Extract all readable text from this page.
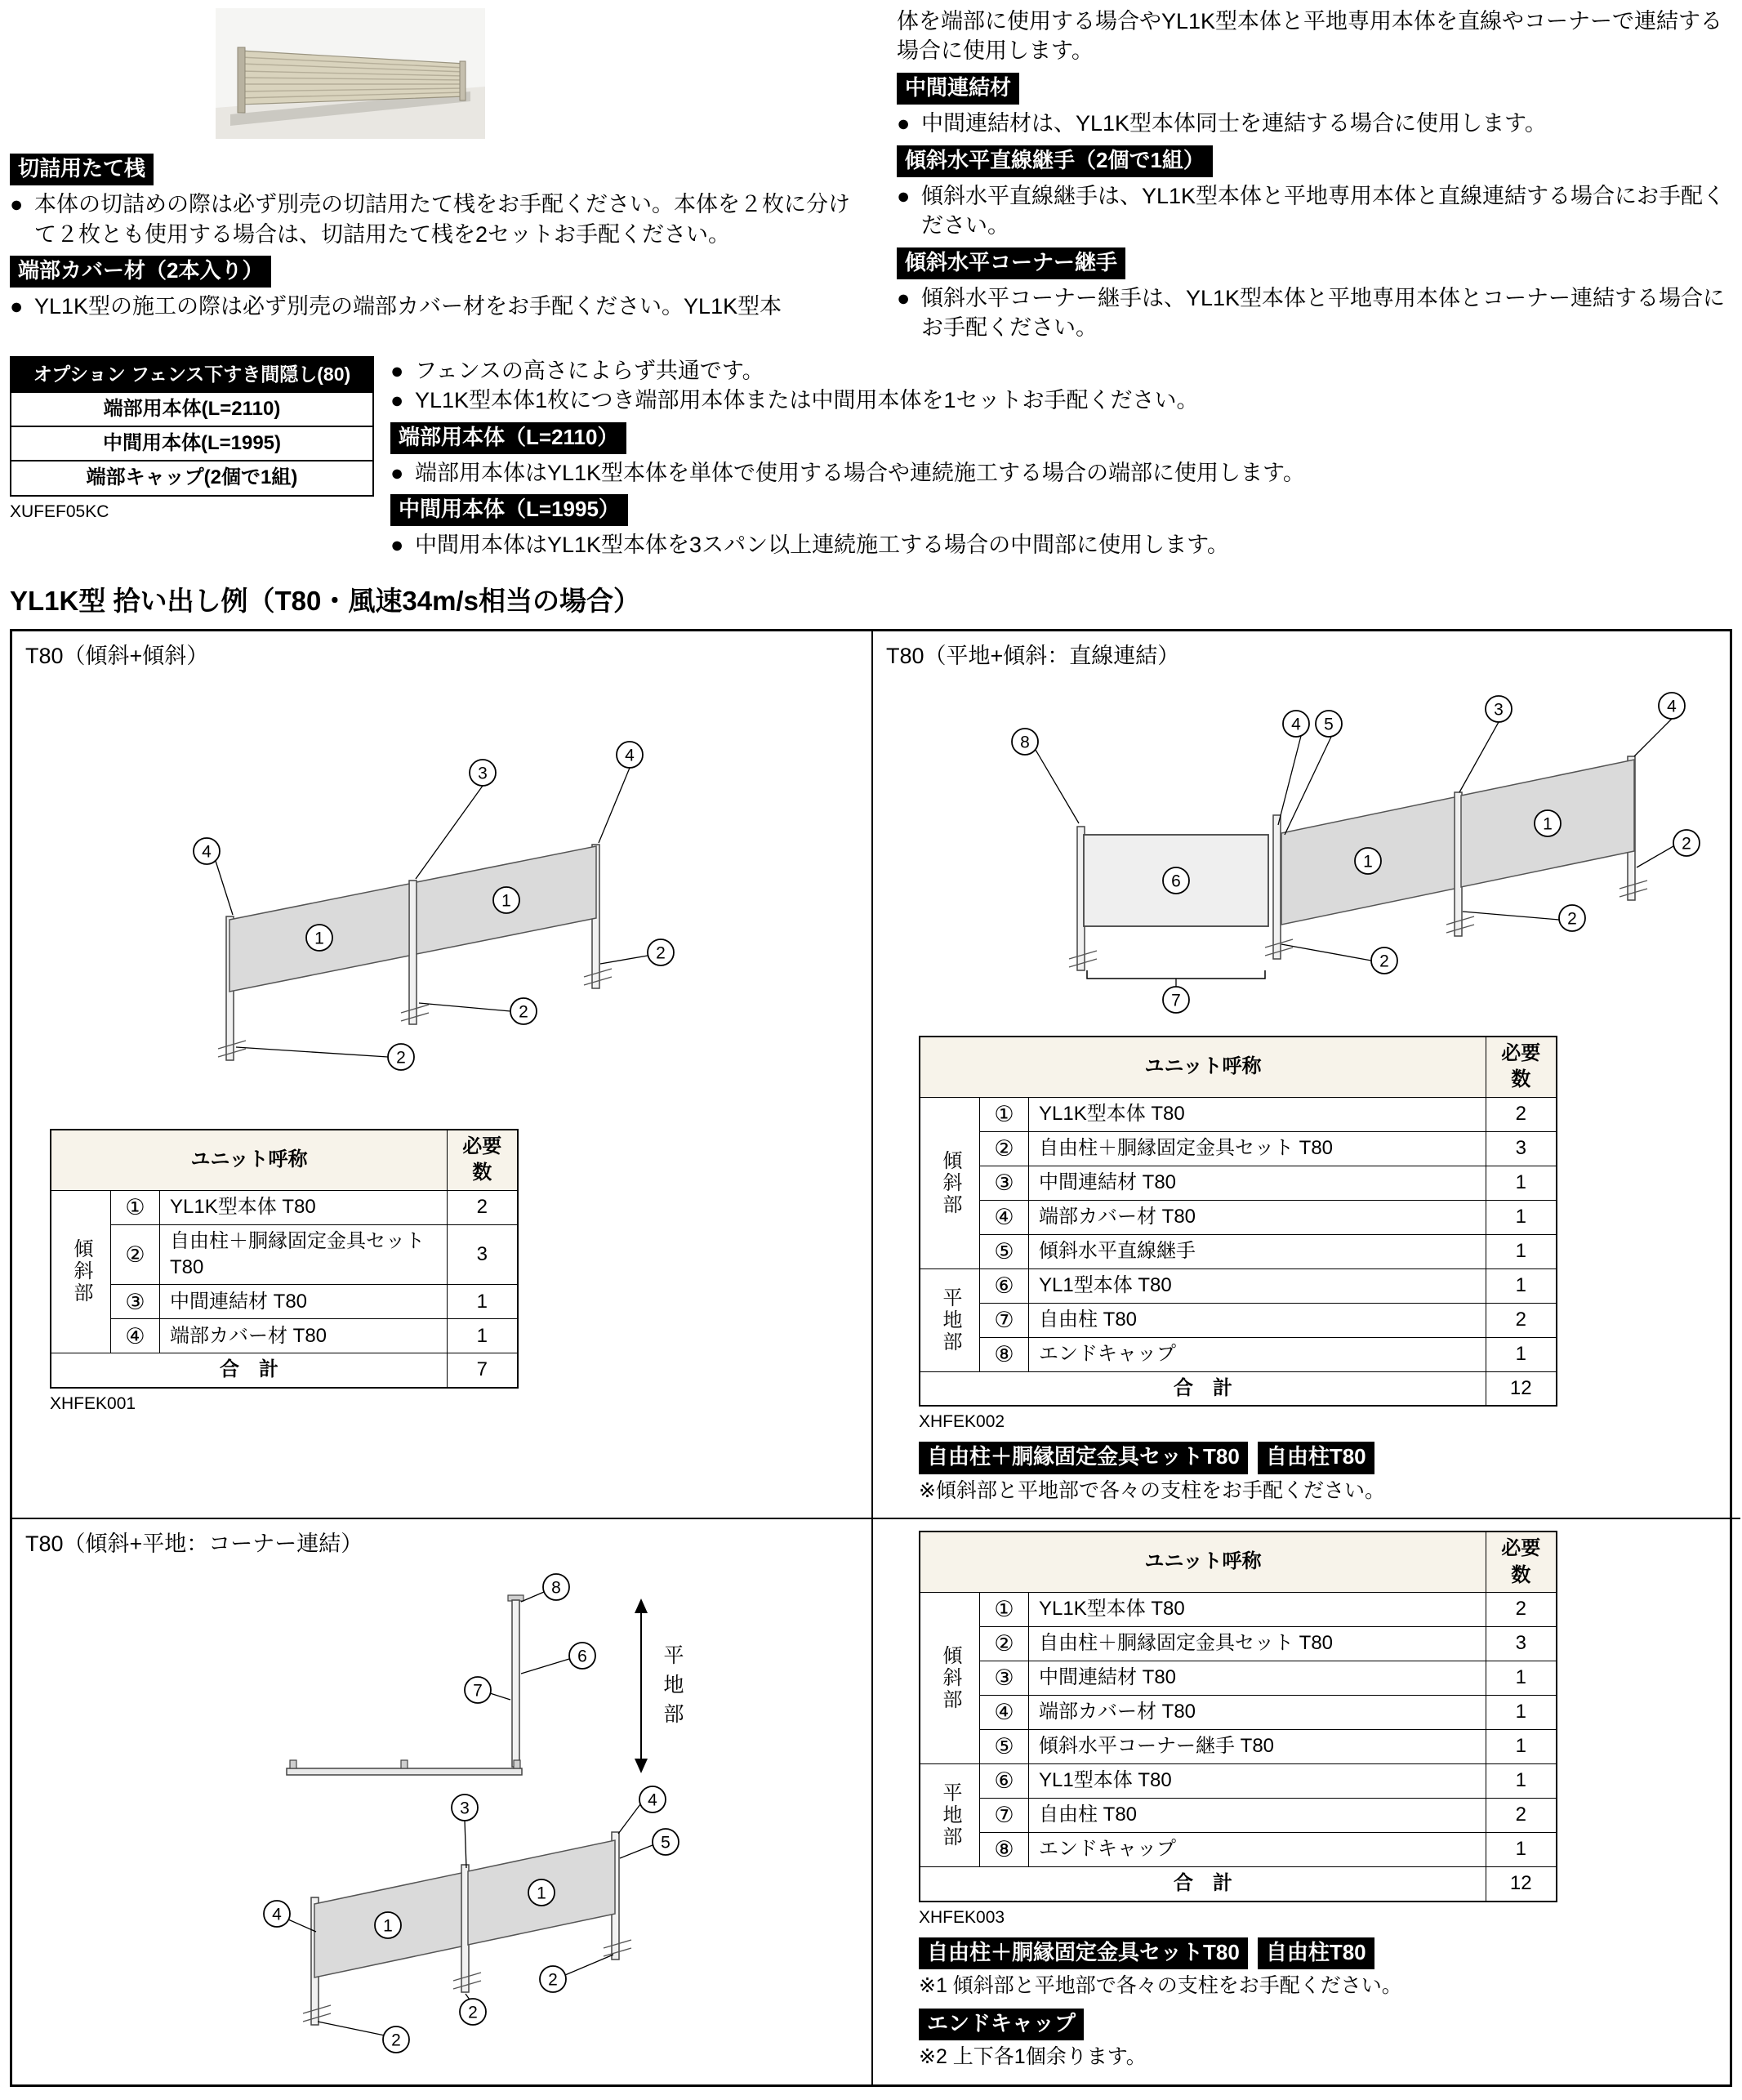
切詰用たて桟
● 本体の切詰めの際は必ず別売の切詰用たて桟をお手配ください。本体を２枚に分けて２枚とも使用する場合は、切詰用たて桟を2セットお手配ください。
端部カバー材（2本入り）
● YL1K型の施工の際は必ず別売の端部カバー材をお手配ください。YL1K型本
体を端部に使用する場合やYL1K型本体と平地専用本体を直線やコーナーで連結する場合に使用します。
中間連結材
● 中間連結材は、YL1K型本体同士を連結する場合に使用します。
傾斜水平直線継手（2個で1組）
● 傾斜水平直線継手は、YL1K型本体と平地専用本体と直線連結する場合にお手配ください。
傾斜水平コーナー継手
● 傾斜水平コーナー継手は、YL1K型本体と平地専用本体とコーナー連結する場合にお手配ください。
オプション フェンス下すき間隠し(80)
端部用本体(L=2110)
中間用本体(L=1995)
端部キャップ(2個で1組)
XUFEF05KC
● フェンスの高さによらず共通です。
● YL1K型本体1枚につき端部用本体または中間用本体を1セットお手配ください。
端部用本体（L=2110）
● 端部用本体はYL1K型本体を単体で使用する場合や連続施工する場合の端部に使用します。
中間用本体（L=1995）
● 中間用本体はYL1K型本体を3スパン以上連続施工する場合の中間部に使用します。
YL1K型 拾い出し例（T80・風速34m/s相当の場合）
T80（傾斜+傾斜）
3
4
4
1
1
2
2
2
ユニット呼称			必要数

傾斜部	①	YL1K型本体 T80	2
	②	自由柱＋胴縁固定金具セット T80	3
	③	中間連結材 T80	1
	④	端部カバー材 T80	1
合　計			7
XHFEK001
T80（平地+傾斜：直線連結）
8
4 5
3	4
6
1
1
2
2
2
7
ユニット呼称			必要数

傾斜部	①	YL1K型本体 T80	2
	②	自由柱＋胴縁固定金具セット T80	3
	③	中間連結材 T80	1
	④	端部カバー材 T80	1
	⑤	傾斜水平直線継手	1

平地部	⑥	YL1型本体 T80	1
	⑦	自由柱 T80	2
	⑧	エンドキャップ	1
合　計			12
XHFEK002
自由柱＋胴縁固定金具セットT80	自由柱T80
※傾斜部と平地部で各々の支柱をお手配ください。
T80（傾斜+平地：コーナー連結）
平
地
部
8
6
7
3	4
5
1
1
4
2
2
2
ユニット呼称			必要数

傾斜部	①	YL1K型本体 T80	2
	②	自由柱＋胴縁固定金具セット T80	3
	③	中間連結材 T80	1
	④	端部カバー材 T80	1
	⑤	傾斜水平コーナー継手 T80	1

平地部	⑥	YL1型本体 T80	1
	⑦	自由柱 T80	2
	⑧	エンドキャップ	1
合　計			12
XHFEK003
自由柱＋胴縁固定金具セットT80	自由柱T80
※1 傾斜部と平地部で各々の支柱をお手配ください。
エンドキャップ
※2 上下各1個余ります。
